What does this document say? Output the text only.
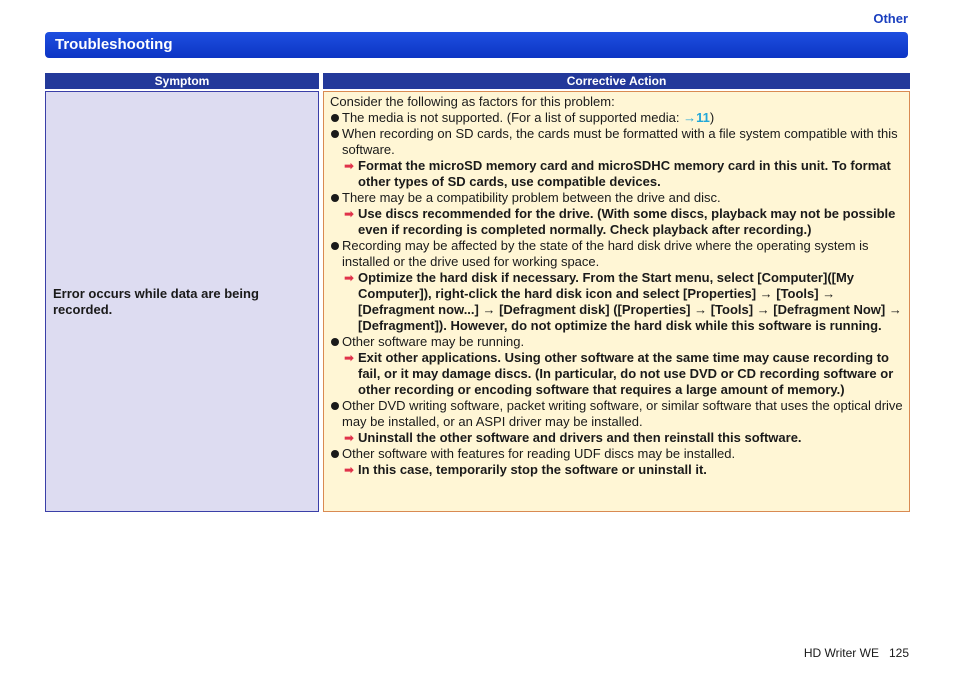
Other
Troubleshooting
Symptom	Corrective Action
Error occurs while data are being recorded.
Consider the following as factors for this problem:
The media is not supported. (For a list of supported media: →11)
When recording on SD cards, the cards must be formatted with a file system compatible with this software.
➡ Format the microSD memory card and microSDHC memory card in this unit. To format other types of SD cards, use compatible devices.
There may be a compatibility problem between the drive and disc.
➡ Use discs recommended for the drive. (With some discs, playback may not be possible even if recording is completed normally. Check playback after recording.)
Recording may be affected by the state of the hard disk drive where the operating system is installed or the drive used for working space.
➡ Optimize the hard disk if necessary. From the Start menu, select [Computer]([My Computer]), right-click the hard disk icon and select [Properties] → [Tools] → [Defragment now...] → [Defragment disk] ([Properties] → [Tools] → [Defragment Now] → [Defragment]). However, do not optimize the hard disk while this software is running.
Other software may be running.
➡ Exit other applications. Using other software at the same time may cause recording to fail, or it may damage discs. (In particular, do not use DVD or CD recording software or other recording or encoding software that requires a large amount of memory.)
Other DVD writing software, packet writing software, or similar software that uses the optical drive may be installed, or an ASPI driver may be installed.
➡ Uninstall the other software and drivers and then reinstall this software.
Other software with features for reading UDF discs may be installed.
➡ In this case, temporarily stop the software or uninstall it.
HD Writer WE 125
